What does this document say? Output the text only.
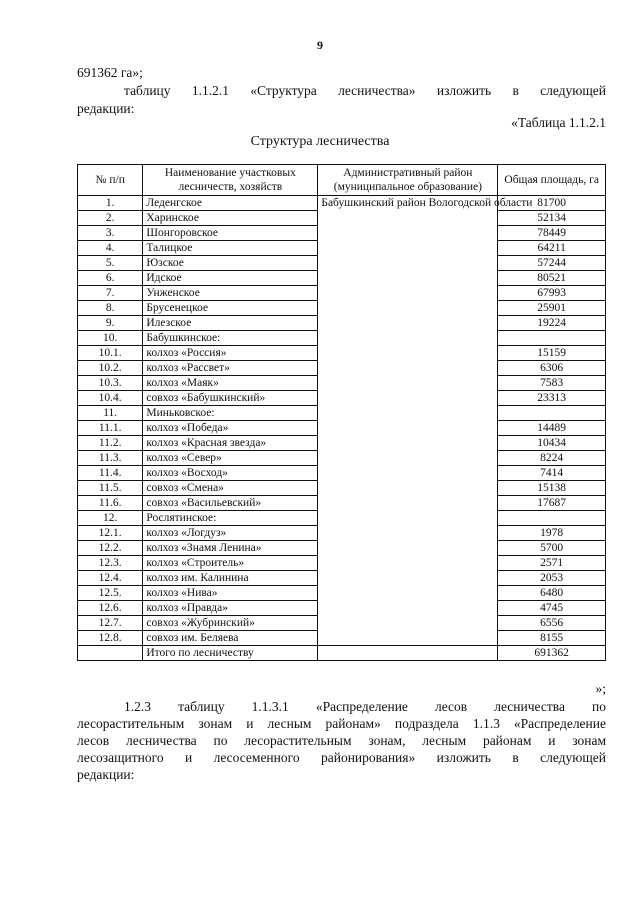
9
691362 га»;
таблицу 1.1.2.1 «Структура лесничества» изложить в следующей
редакции:
«Таблица 1.1.2.1
Структура лесничества
№ п/п	Наименование участковых лесничеств, хозяйств	Административный район (муниципальное образование)	Общая площадь, га
1.	Леденгское	Бабушкинский район Вологодской области	81700
2.	Харинское		52134
3.	Шонгоровское		78449
4.	Талицкое		64211
5.	Юзское		57244
6.	Идское		80521
7.	Унженское		67993
8.	Брусенецкое		25901
9.	Илезское		19224
10.	Бабушкинское:		
10.1.	колхоз «Россия»		15159
10.2.	колхоз «Рассвет»		6306
10.3.	колхоз «Маяк»		7583
10.4.	совхоз «Бабушкинский»		23313
11.	Миньковское:		
11.1.	колхоз «Победа»		14489
11.2.	колхоз «Красная звезда»		10434
11.3.	колхоз «Север»		8224
11.4.	колхоз «Восход»		7414
11.5.	совхоз «Смена»		15138
11.6.	совхоз «Васильевский»		17687
12.	Рослятинское:		
12.1.	колхоз «Логдуз»		1978
12.2.	колхоз «Знамя Ленина»		5700
12.3.	колхоз «Строитель»		2571
12.4.	колхоз им. Калинина		2053
12.5.	колхоз «Нива»		6480
12.6.	колхоз «Правда»		4745
12.7.	совхоз «Жубринский»		6556
12.8.	совхоз им. Беляева		8155
	Итого по лесничеству		691362
»;
1.2.3 таблицу 1.1.3.1 «Распределение лесов лесничества по
лесорастительным зонам и лесным районам» подраздела 1.1.3 «Распределение
лесов лесничества по лесорастительным зонам, лесным районам и зонам
лесозащитного и лесосеменного районирования» изложить в следующей
редакции:
